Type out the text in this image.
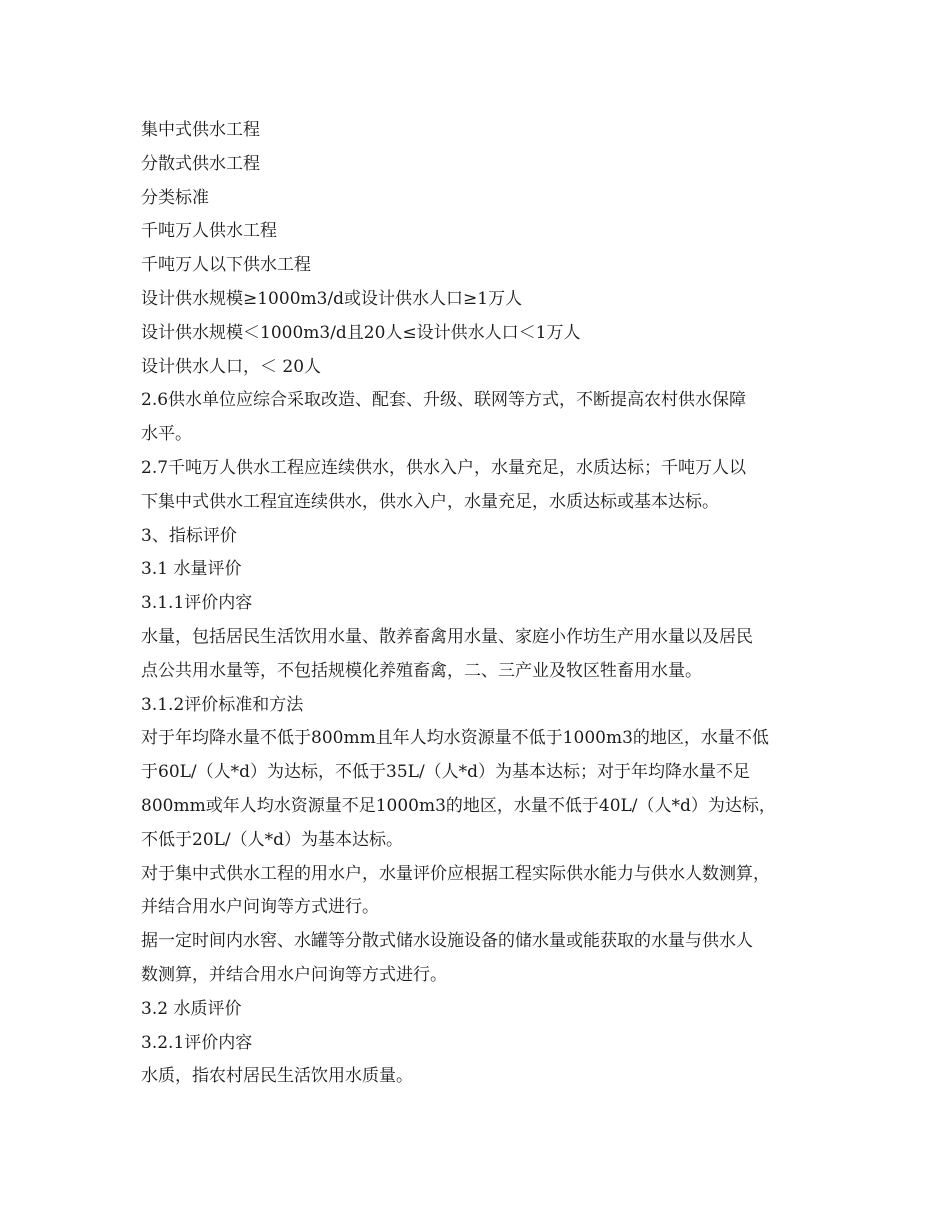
集中式供水工程
分散式供水工程
分类标准
千吨万人供水工程
千吨万人以下供水工程
设计供水规模≥1000m3/d或设计供水人口≥1万人
设计供水规模＜1000m3/d且20人≤设计供水人口＜1万人
设计供水人口，＜ 20人
2.6供水单位应综合采取改造、配套、升级、联网等方式，不断提高农村供水保障
水平。
2.7千吨万人供水工程应连续供水，供水入户，水量充足，水质达标；千吨万人以
下集中式供水工程宜连续供水，供水入户，水量充足，水质达标或基本达标。
3、指标评价
3.1 水量评价
3.1.1评价内容
水量，包括居民生活饮用水量、散养畜禽用水量、家庭小作坊生产用水量以及居民
点公共用水量等，不包括规模化养殖畜禽，二、三产业及牧区牲畜用水量。
3.1.2评价标准和方法
对于年均降水量不低于800mm且年人均水资源量不低于1000m3的地区，水量不低
于60L/（人*d）为达标，不低于35L/（人*d）为基本达标；对于年均降水量不足
800mm或年人均水资源量不足1000m3的地区，水量不低于40L/（人*d）为达标，
不低于20L/（人*d）为基本达标。
对于集中式供水工程的用水户，水量评价应根据工程实际供水能力与供水人数测算，
并结合用水户问询等方式进行。
据一定时间内水窖、水罐等分散式储水设施设备的储水量或能获取的水量与供水人
数测算，并结合用水户问询等方式进行。
3.2 水质评价
3.2.1评价内容
水质，指农村居民生活饮用水质量。
